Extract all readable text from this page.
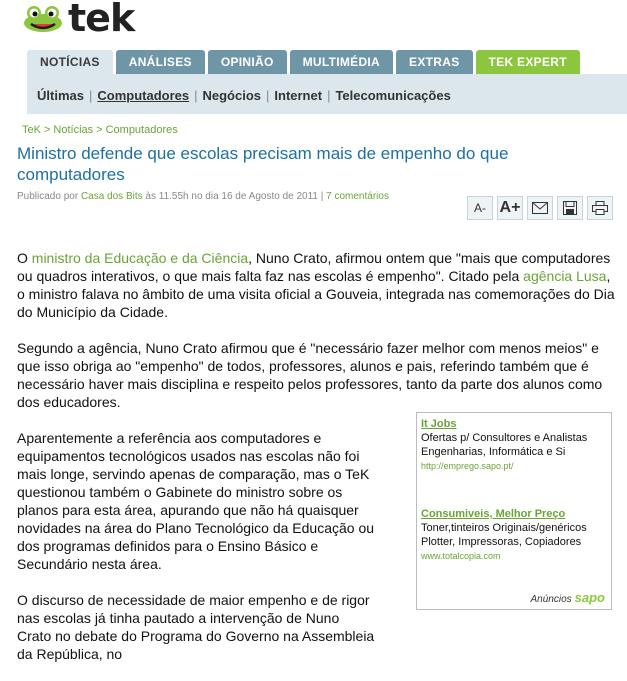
tek
NOTÍCIAS	ANÁLISES	OPINIÃO	MULTIMÉDIA	EXTRAS	TEK EXPERT
Últimas | Computadores | Negócios | Internet | Telecomunicações
TeK > Notícias > Computadores
Ministro defende que escolas precisam mais de empenho do que computadores
Publicado por Casa dos Bits às 11.55h no dia 16 de Agosto de 2011 | 7 comentários
A- A+

O ministro da Educação e da Ciência, Nuno Crato, afirmou ontem que "mais que computadores ou quadros interativos, o que mais falta faz nas escolas é empenho". Citado pela agência Lusa, o ministro falava no âmbito de uma visita oficial a Gouveia, integrada nas comemorações do Dia do Município da Cidade.

Segundo a agência, Nuno Crato afirmou que é "necessário fazer melhor com menos meios" e que isso obriga ao "empenho" de todos, professores, alunos e pais, referindo também que é necessário haver mais disciplina e respeito pelos professores, tanto da parte dos alunos como dos educadores.

Aparentemente a referência aos computadores e equipamentos tecnológicos usados nas escolas não foi mais longe, servindo apenas de comparação, mas o TeK questionou também o Gabinete do ministro sobre os planos para esta área, apurando que não há quaisquer novidades na área do Plano Tecnológico da Educação ou dos programas definidos para o Ensino Básico e Secundário nesta área.

O discurso de necessidade de maior empenho e de rigor nas escolas já tinha pautado a intervenção de Nuno Crato no debate do Programa do Governo na Assembleia da República, no

It Jobs
Ofertas p/ Consultores e Analistas Engenharias, Informática e Si
http://emprego.sapo.pt/
Consumiveis, Melhor Preço
Toner,tinteiros Originais/genéricos Plotter, Impressoras, Copiadores
www.totalcopia.com
Anúncios sapo
